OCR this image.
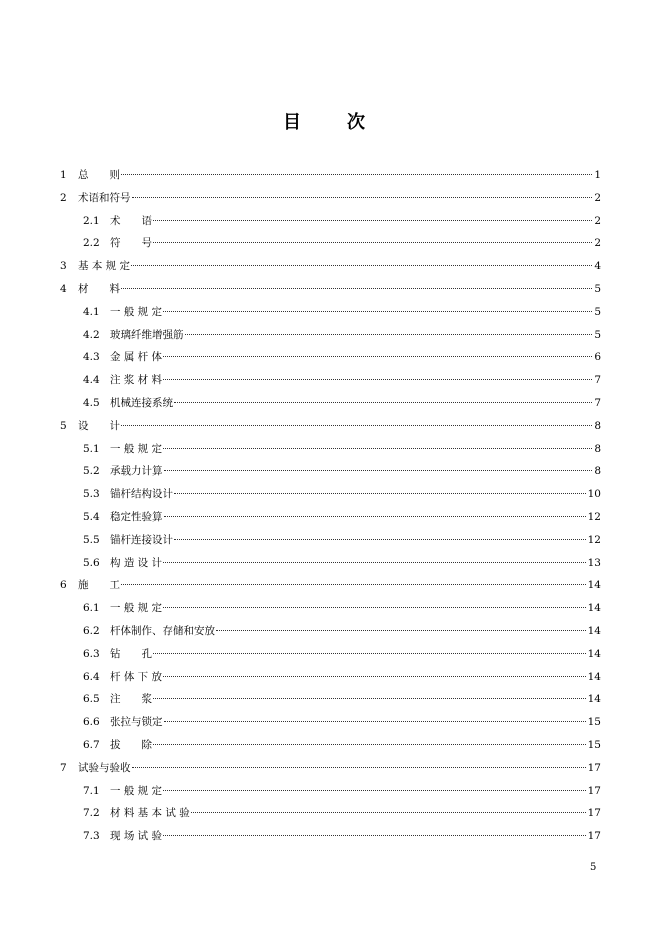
目　次
1	总　　则	1
2	术语和符号	2
2.1 术　　语	2
2.2 符　　号	2
3	基 本 规 定	4
4	材　　料	5
4.1 一 般 规 定	5
4.2 玻璃纤维增强筋	5
4.3 金 属 杆 体	6
4.4 注 浆 材 料	7
4.5 机械连接系统	7
5	设　　计	8
5.1 一 般 规 定	8
5.2 承载力计算	8
5.3 锚杆结构设计	10
5.4 稳定性验算	12
5.5 锚杆连接设计	12
5.6 构 造 设 计	13
6	施　　工	14
6.1 一 般 规 定	14
6.2 杆体制作、存储和安放	14
6.3 钻　　孔	14
6.4 杆 体 下 放	14
6.5 注　　浆	14
6.6 张拉与锁定	15
6.7 拔　　除	15
7	试验与验收	17
7.1 一 般 规 定	17
7.2 材 料 基 本 试 验	17
7.3 现 场 试 验	17
5
